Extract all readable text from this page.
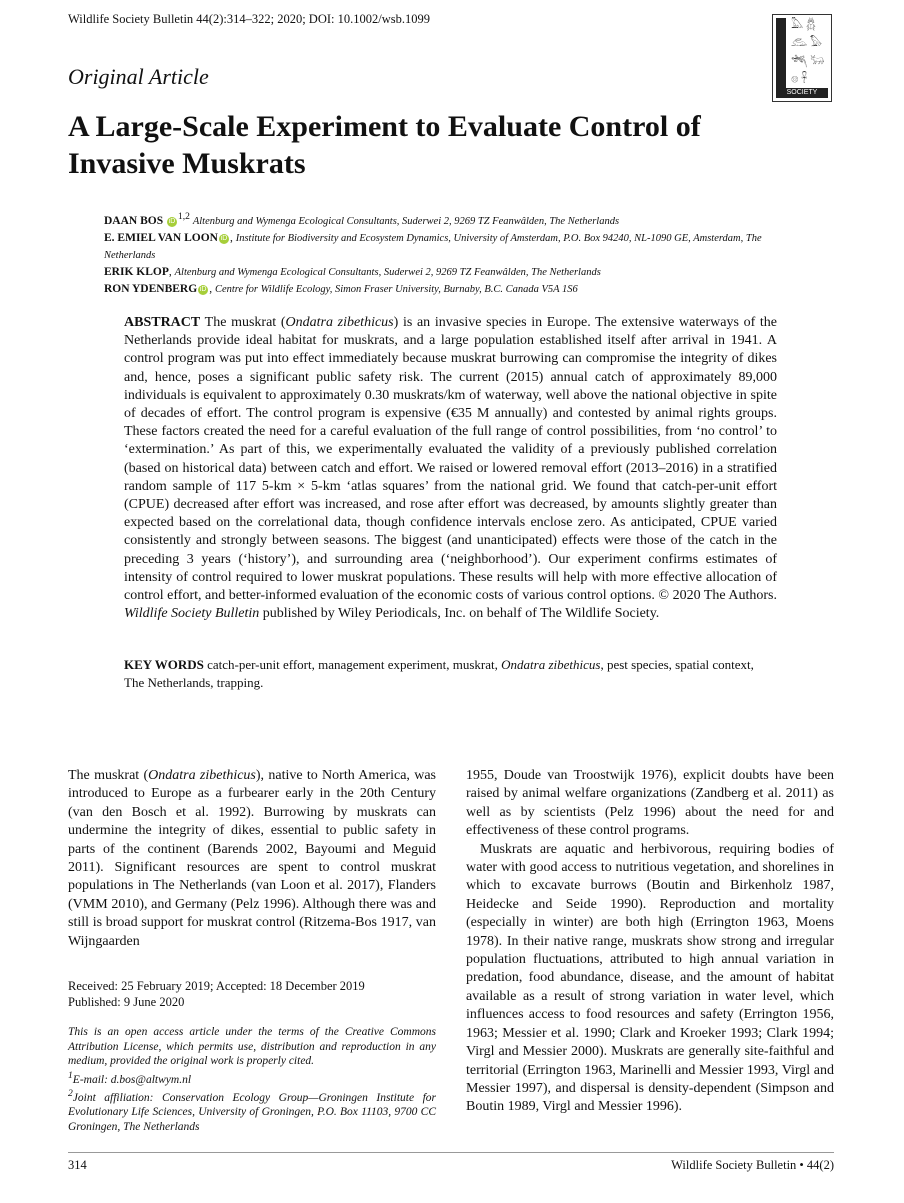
Wildlife Society Bulletin 44(2):314–322; 2020; DOI: 10.1002/wsb.1099	𓅓 𓆣
𓃹 𓅃
𓆈 𓃒
𓊖 𓋹
SOCIETY
Original Article
A Large-Scale Experiment to Evaluate Control of Invasive Muskrats

DAAN BOS iD $^{1,2}$ Altenburg and Wymenga Ecological Consultants, Suderwei 2, 9269 TZ Feanwâlden, The Netherlands

E. EMIEL VAN LOON iD , Institute for Biodiversity and Ecosystem Dynamics, University of Amsterdam, P.O. Box 94240, NL-1090 GE, Amsterdam, The Netherlands

ERIK KLOP, Altenburg and Wymenga Ecological Consultants, Suderwei 2, 9269 TZ Feanwâlden, The Netherlands

RON YDENBERG iD , Centre for Wildlife Ecology, Simon Fraser University, Burnaby, B.C. Canada V5A 1S6

ABSTRACT The muskrat (Ondatra zibethicus) is an invasive species in Europe. The extensive waterways of the Netherlands provide ideal habitat for muskrats, and a large population established itself after arrival in 1941. A control program was put into effect immediately because muskrat burrowing can compromise the integrity of dikes and, hence, poses a significant public safety risk. The current (2015) annual catch of approximately 89,000 individuals is equivalent to approximately 0.30 muskrats/km of waterway, well above the national objective in spite of decades of effort. The control program is expensive (€35 M annually) and contested by animal rights groups. These factors created the need for a careful evaluation of the full range of control possibilities, from ‘no control’ to ‘extermination.’ As part of this, we experimentally evaluated the validity of a previously published correlation (based on historical data) between catch and effort. We raised or lowered removal effort (2013–2016) in a stratified random sample of 117 5-km × 5-km ‘atlas squares’ from the national grid. We found that catch-per-unit effort (CPUE) decreased after effort was increased, and rose after effort was decreased, by amounts slightly greater than expected based on the correlational data, though confidence intervals enclose zero. As anticipated, CPUE varied consistently and strongly between seasons. The biggest (and unanticipated) effects were those of the catch in the preceding 3 years (‘history’), and surrounding area (‘neighborhood’). Our experiment confirms estimates of intensity of control required to lower muskrat populations. These results will help with more effective allocation of control effort, and better-informed evaluation of the economic costs of various control options. © 2020 The Authors. Wildlife Society Bulletin published by Wiley Periodicals, Inc. on behalf of The Wildlife Society.
KEY WORDS catch-per-unit effort, management experiment, muskrat, Ondatra zibethicus, pest species, spatial context, The Netherlands, trapping.
The muskrat (Ondatra zibethicus), native to North America, was introduced to Europe as a furbearer early in the 20th Century (van den Bosch et al. 1992). Burrowing by muskrats can undermine the integrity of dikes, essential to public safety in parts of the continent (Barends 2002, Bayoumi and Meguid 2011). Significant resources are spent to control muskrat populations in The Netherlands (van Loon et al. 2017), Flanders (VMM 2010), and Germany (Pelz 1996). Although there was and still is broad support for muskrat control (Ritzema-Bos 1917, van Wijngaarden
Received: 25 February 2019; Accepted: 18 December 2019
Published: 9 June 2020

This is an open access article under the terms of the Creative Commons Attribution License, which permits use, distribution and reproduction in any medium, provided the original work is properly cited.

$^1$E-mail: d.bos@altwym.nl

$^2$Joint affiliation: Conservation Ecology Group—Groningen Institute for Evolutionary Life Sciences, University of Groningen, P.O. Box 11103, 9700 CC Groningen, The Netherlands

1955, Doude van Troostwijk 1976), explicit doubts have been raised by animal welfare organizations (Zandberg et al. 2011) as well as by scientists (Pelz 1996) about the need for and effectiveness of these control programs.

Muskrats are aquatic and herbivorous, requiring bodies of water with good access to nutritious vegetation, and shorelines in which to excavate burrows (Boutin and Birkenholz 1987, Heidecke and Seide 1990). Reproduction and mortality (especially in winter) are both high (Errington 1963, Moens 1978). In their native range, muskrats show strong and irregular population fluctuations, attributed to high annual variation in predation, food abundance, disease, and the amount of habitat available as a result of strong variation in water level, which influences access to food resources and safety (Errington 1956, 1963; Messier et al. 1990; Clark and Kroeker 1993; Clark 1994; Virgl and Messier 2000). Muskrats are generally site-faithful and territorial (Errington 1963, Marinelli and Messier 1993, Virgl and Messier 1997), and dispersal is density-dependent (Simpson and Boutin 1989, Virgl and Messier 1996).

314	Wildlife Society Bulletin • 44(2)
